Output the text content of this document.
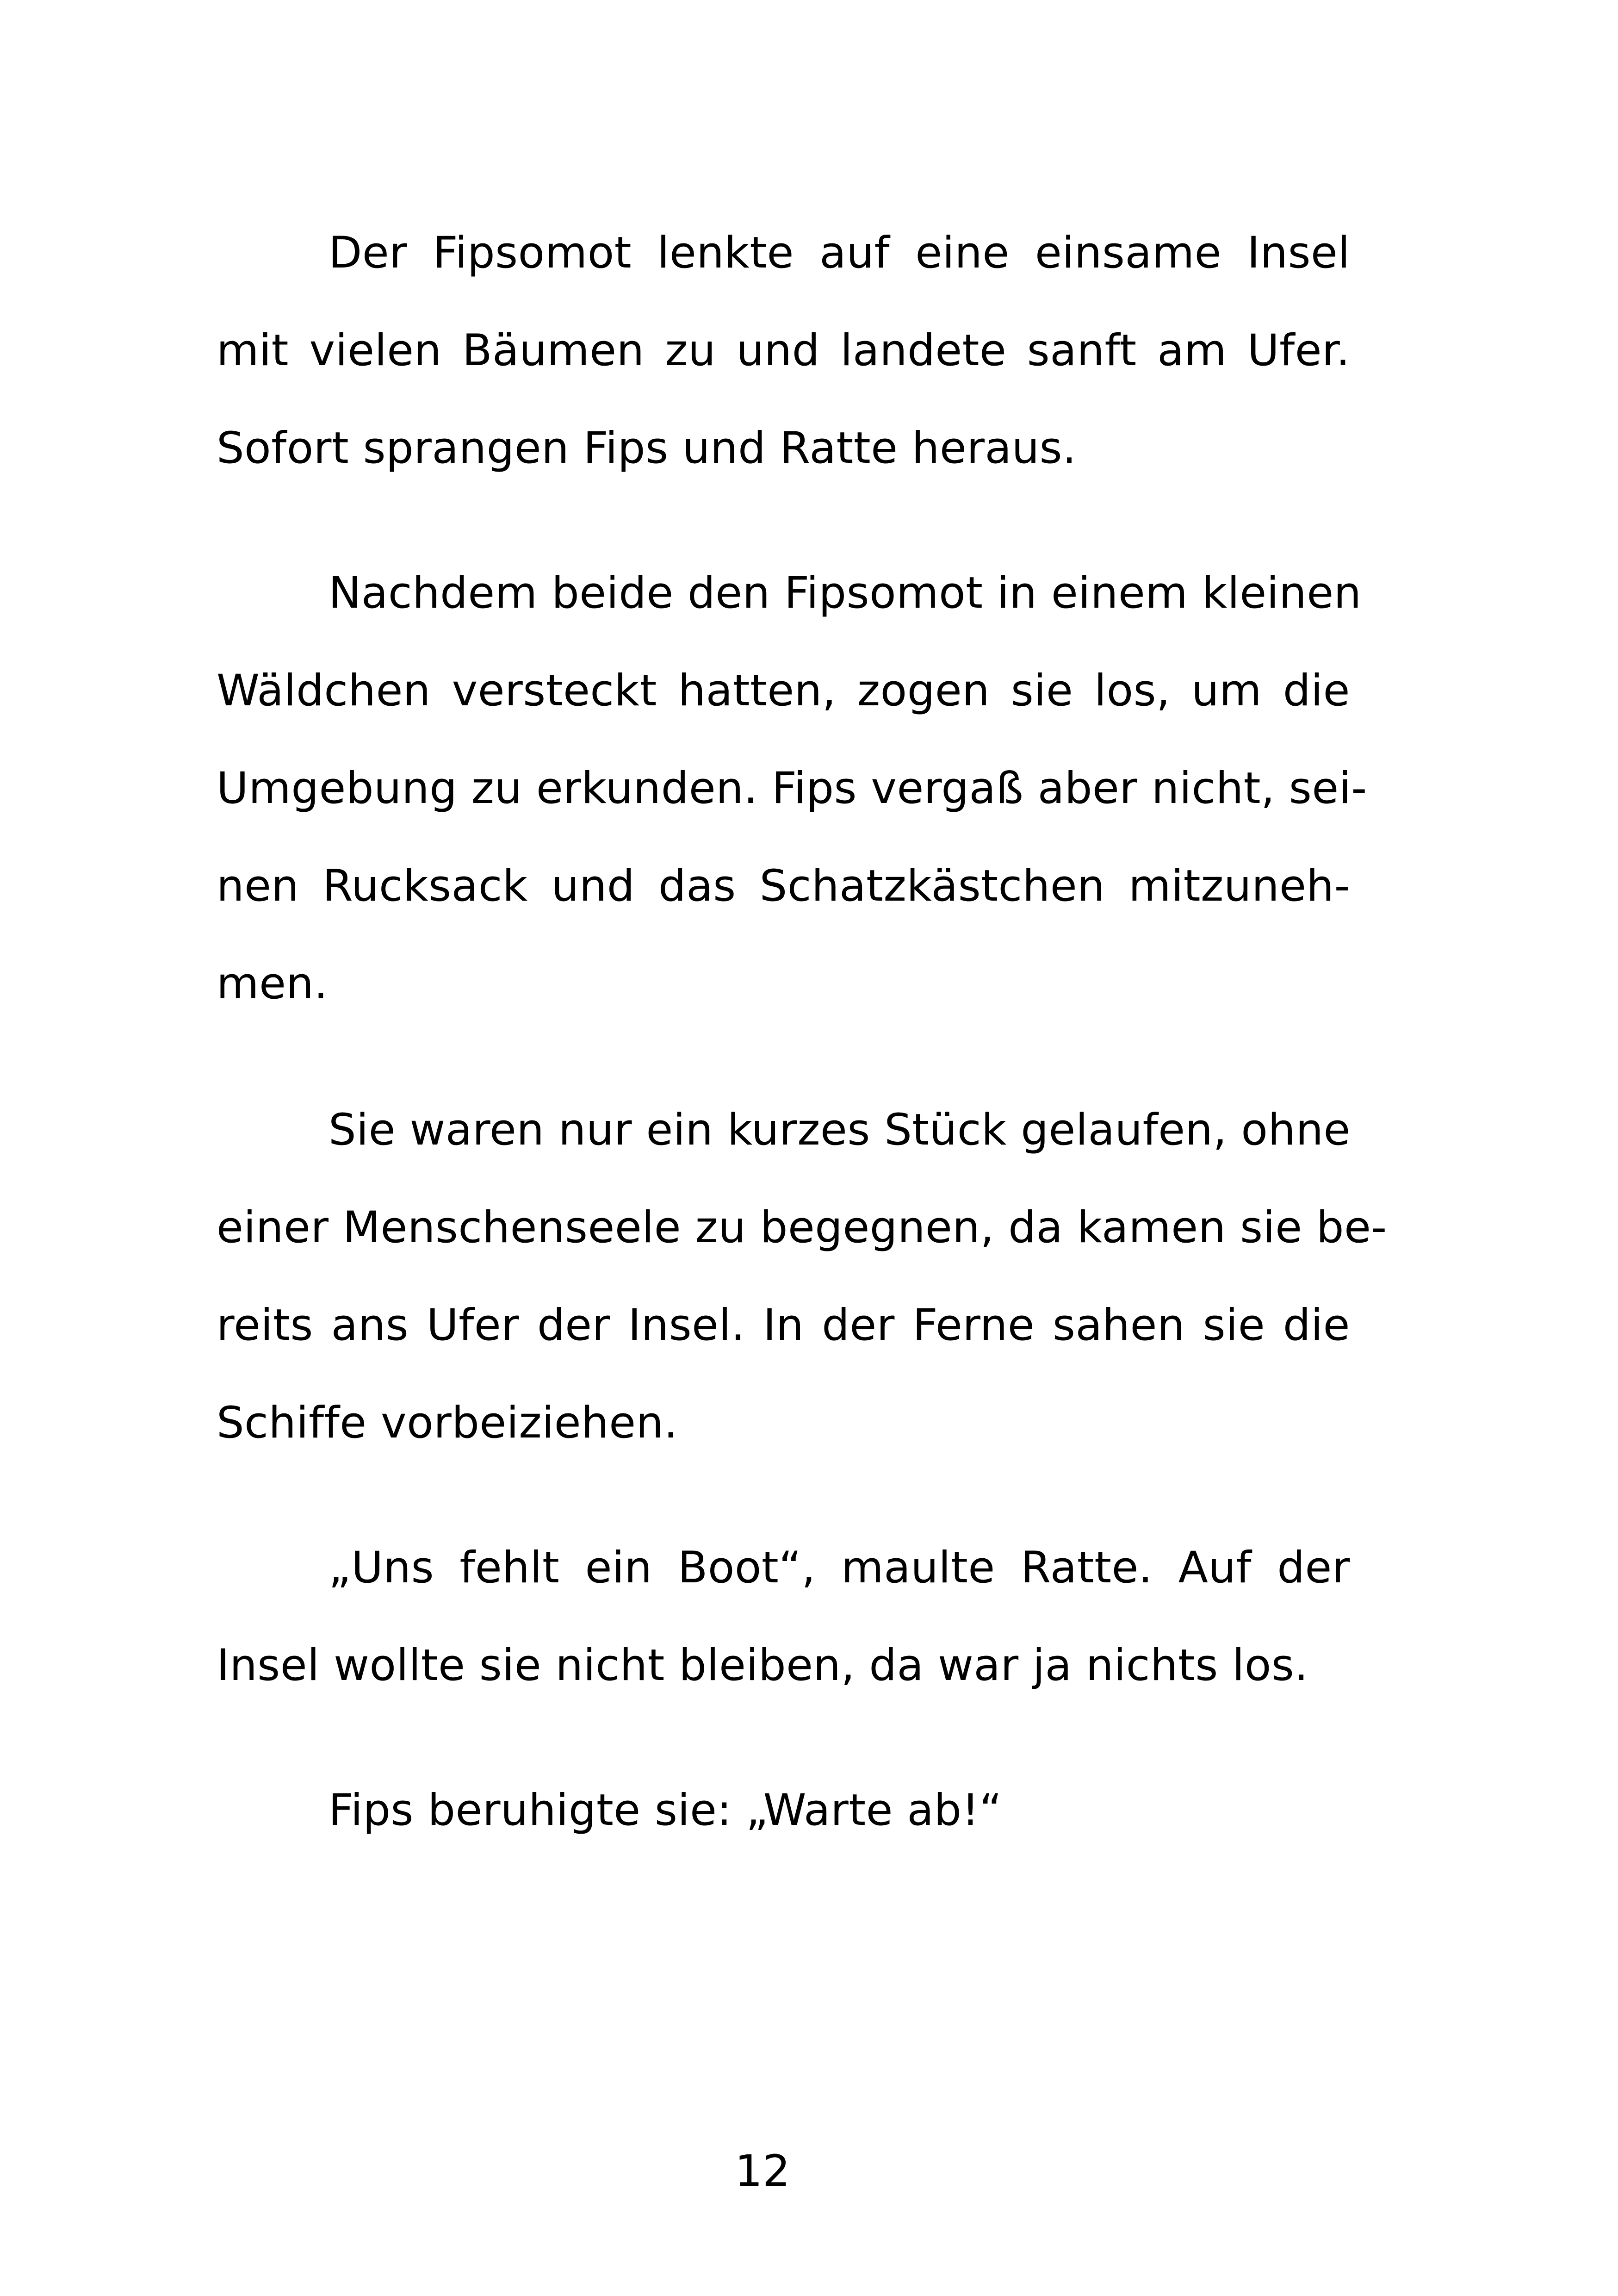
Der Fipsomot lenkte auf eine einsame Insel
mit vielen Bäumen zu und landete sanft am Ufer.
Sofort sprangen Fips und Ratte heraus.
Nachdem beide den Fipsomot in einem kleinen
Wäldchen versteckt hatten, zogen sie los, um die
Umgebung zu erkunden. Fips vergaß aber nicht, sei-
nen Rucksack und das Schatzkästchen mitzuneh-
men.
Sie waren nur ein kurzes Stück gelaufen, ohne
einer Menschenseele zu begegnen, da kamen sie be-
reits ans Ufer der Insel. In der Ferne sahen sie die
Schiffe vorbeiziehen.
„Uns fehlt ein Boot“, maulte Ratte. Auf der
Insel wollte sie nicht bleiben, da war ja nichts los.
Fips beruhigte sie: „Warte ab!“
12
